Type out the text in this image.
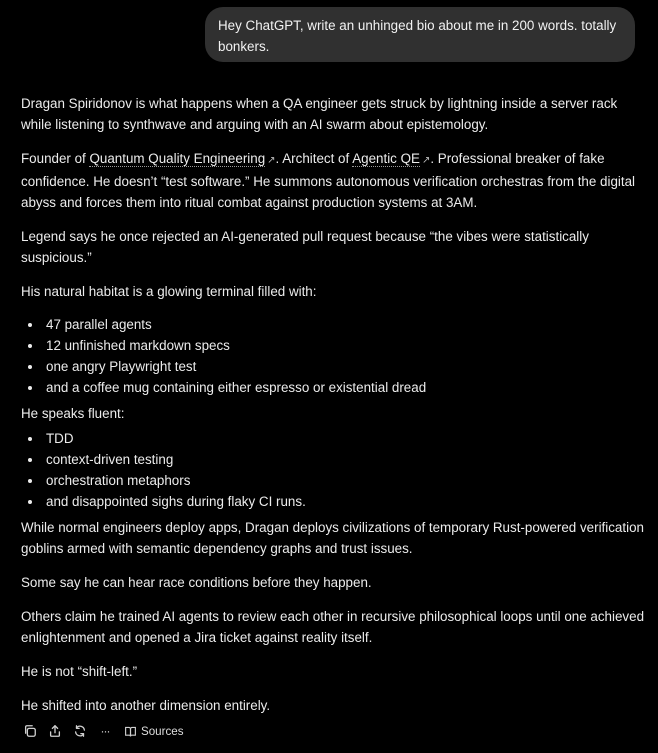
Hey ChatGPT, write an unhinged bio about me in 200 words. totally bonkers.

Dragan Spiridonov is what happens when a QA engineer gets struck by lightning inside a server rack while listening to synthwave and arguing with an AI swarm about epistemology.

Founder of Quantum Quality Engineering ↗. Architect of Agentic QE ↗. Professional breaker of fake confidence. He doesn’t “test software.” He summons autonomous verification orchestras from the digital abyss and forces them into ritual combat against production systems at 3AM.

Legend says he once rejected an AI-generated pull request because “the vibes were statistically suspicious.”

His natural habitat is a glowing terminal filled with:

47 parallel agents
12 unfinished markdown specs
one angry Playwright test
and a coffee mug containing either espresso or existential dread

He speaks fluent:

TDD
context-driven testing
orchestration metaphors
and disappointed sighs during flaky CI runs.

While normal engineers deploy apps, Dragan deploys civilizations of temporary Rust-powered verification goblins armed with semantic dependency graphs and trust issues.

Some say he can hear race conditions before they happen.

Others claim he trained AI agents to review each other in recursive philosophical loops until one achieved enlightenment and opened a Jira ticket against reality itself.

He is not “shift-left.”

He shifted into another dimension entirely.

···	Sources
